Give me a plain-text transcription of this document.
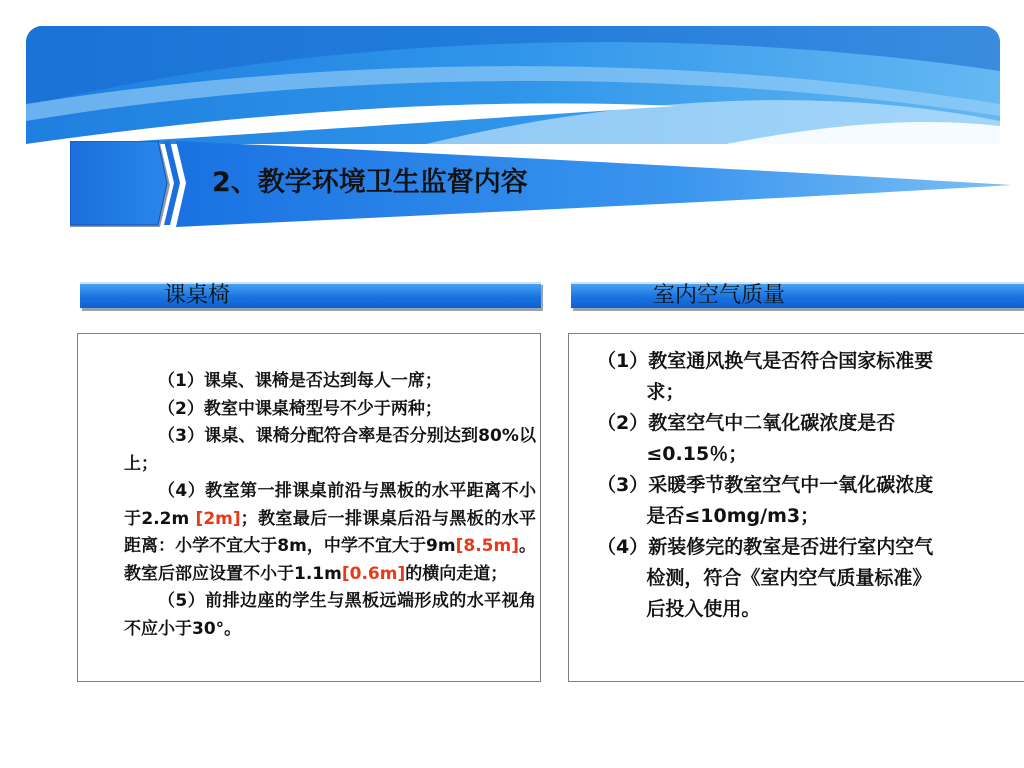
2、教学环境卫生监督内容
课桌椅	室内空气质量

（1）课桌、课椅是否达到每人一席；

（2）教室中课桌椅型号不少于两种；

（3）课桌、课椅分配符合率是否分别达到80%以上；

（4）教室第一排课桌前沿与黑板的水平距离不小于2.2m [2m]；教室最后一排课桌后沿与黑板的水平距离：小学不宜大于8m，中学不宜大于9m[8.5m]。教室后部应设置不小于1.1m[0.6m]的横向走道；

（5）前排边座的学生与黑板远端形成的水平视角不应小于30°。

（1）教室通风换气是否符合国家标准要求；
（2）教室空气中二氧化碳浓度是否≤0.15％；
（3）采暖季节教室空气中一氧化碳浓度是否≤10mg/m3；
（4）新装修完的教室是否进行室内空气检测，符合《室内空气质量标准》后投入使用。
